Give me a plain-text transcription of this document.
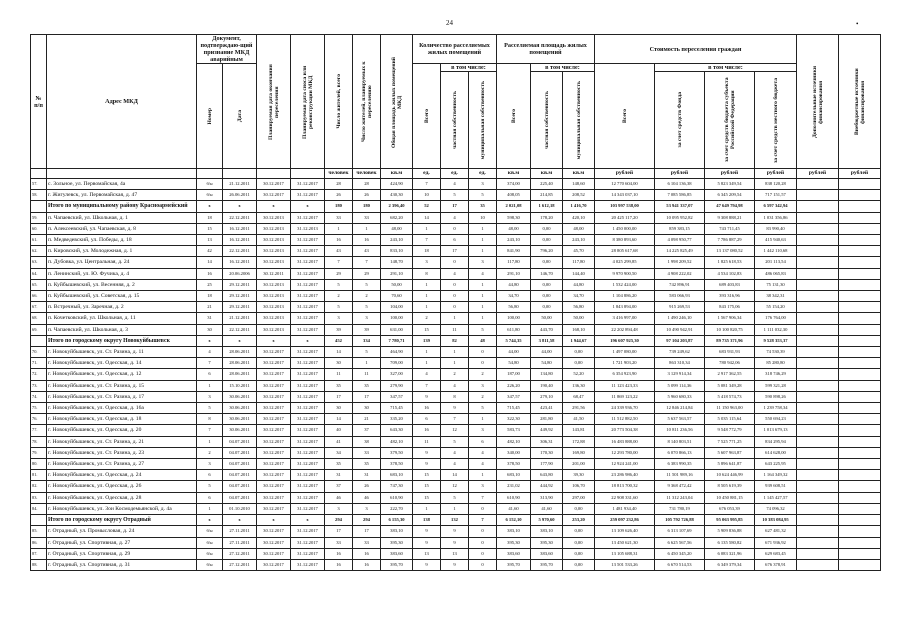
24	•
№ п/п	Адрес МКД	Документ, подтверждаю-щий признание МКД аварийным		Планируемая дата окончания переселения	Планируемая дата сноса или реконструкции МКД	Число жителей, всего	Число жителей, планируемых к переселению	Общая площадь жилых помещений МКД	Количество расселяемых жилых помещений			Расселяемая площадь жилых помещений			Стоимость переселения граждан				Дополнительные источники финансирования	Внебюджетные источники финансирования

		Номер	Дата						Всего	в том числе:		Всего	в том числе:		Всего	в том числе:				

										частная собственность	муниципальная собственность		частная собственность	муниципальная собственность		за счет средств Фонда	за счет средств бюджета субъекта Российской Федерации	за счет средств местного бюджета		

						человек	человек	кв.м	ед.	ед.	ед.	кв.м	кв.м	кв.м	рублей	рублей	рублей	рублей	рублей	рублей
57.	с. Зольное, ул. Первомайская, 4а	б/н	21.12.2011	30.12.2017	31.12.2017	28	28	424,90	7	4	3	374,00	225,40	148,60	12 770 604,00	6 104 136,38	5 823 349,54	838 120,28		
58.	г. Жигулевск, ул. Первомайская, д. 47	б/н	26.06.2011	30.12.2017	31.12.2017	26	26	430,30	10	5	5	408,05	214,85	208,52	14 343 037,10	7 085 586,85	6 345 209,54	717 151,57		
	Итого по муниципальному району Красноармейский	x	x	x	x	180	180	2 396,40	52	17	35	2 021,08	1 612,18	1 416,70	103 997 538,00	53 941 337,07	47 649 794,98	6 597 342,94		
59.	п. Чапаевский, ул. Школьная, д. 1	18	22.12.2011	30.12.2013	31.12.2017	33	33	682,20	14	4	10	598,30	178,20	420,10	20 425 117,20	10 095 952,82	9 308 888,21	1 031 356,86		
60.	п. Алексеевский, ул. Чапаевская, д. 8	15	16.12.2011	30.12.2013	31.12.2013	1	1	48,00	1	0	1	48,00	0,00	48,00	1 450 000,00	859 383,15	743 711,45	83 990,40		
61.	п. Медведевский, ул. Победы, д. 18	13	16.12.2011	30.12.2013	31.12.2017	16	16	243,10	7	6	1	243,10	0,00	243,10	8 380 893,60	4 098 950,77	7 786 887,29	415 940,63		
62.	п. Кировский, ул. Молодежная, д. 1	42	22.12.2011	30.12.2013	31.12.2017	43	43	833,10	18	17	1	841,90	796,20	45,70	28 805 617,68	14 225 825,49	13 137 080,52	1 442 110,68		
63.	п. Дубовка, ул. Центральная, д. 24	14	16.12.2011	30.12.2013	31.12.2017	7	7	148,70	3	0	3	117,80	0,00	117,80	4 025 299,85	1 998 209,52	1 825 618,53	201 113,54		
64.	п. Ленинский, ул. Ю. Фучика, д. 4	16	20.06.2006	30.12.2011	31.12.2017	29	29	291,10	8	4	4	291,10	146,70	144,40	9 970 900,50	4 908 222,02	4 534 102,83	486 065,83		
65.	п. Куйбышевский, ул. Весенняя, д. 2	25	29.12.2011	30.12.2013	31.12.2017	5	5	50,00	1	0	1	44,80	0,00	44,80	1 532 424,00	742 896,91	689 403,83	75 131,30		
66.	п. Куйбышевский, ул. Советская, д. 15	18	29.12.2011	30.12.2013	31.12.2017	2	2	70,60	1	0	1	34,70	0,00	34,70	1 104 886,20	583 066,93	393 316,96	38 342,31		
67.	п. Встречный, ул. Заречная, д. 2	21	29.12.2011	30.12.2013	31.12.2017	5	5	104,00	1	0	1	56,80	0,00	56,80	1 843 894,00	915 269,53	843 175,06	55 154,20		
68.	п. Кочетковский, ул. Школьная, д. 11	31	21.12.2011	30.12.2013	31.12.2017	3	3	100,00	2	1	1	100,00	50,00	50,00	3 416 997,00	1 490 246,10	1 567 906,34	176 764,00		
69.	п. Чапаевский, ул. Школьная, д. 3	30	22.12.2011	30.12.2013	31.12.2017	39	39	631,00	15	11	5	611,80	443,70	168,10	22 202 894,48	10 490 942,91	10 100 820,75	1 111 032,30		
	Итого по городскому округу Новокуйбышевск	x	x	x	x	452	334	7 780,71	139	82	48	5 744,35	3 811,58	1 944,67	196 607 925,30	97 104 203,87	89 735 371,96	9 528 353,37		
70.	г. Новокуйбышевск, ул. Ст. Разина, д. 11	4	28.06.2011	30.12.2017	31.12.2017	14	5	464,90	1	1	0	44,00	44,00	0,00	1 497 080,00	739 249,62	683 931,93	74 530,39		
71.	г. Новокуйбышевск, ул. Одесская, д. 14	7	28.06.2011	30.12.2017	31.12.2017	30	1	709,00	1	1	0	54,80	54,80	0,00	1 721 903,20	863 310,34	780 942,06	85 280,80		
72.	г. Новокуйбышевск, ул. Одесская, д. 12	6	28.06.2011	30.12.2017	31.12.2017	11	11	327,00	4	2	2	187,00	134,80	52,20	6 354 923,90	3 129 914,34	2 917 362,55	318 746,29		
73.	г. Новокуйбышевск, ул. Ст. Разина, д. 15	1	15.10.2011	30.12.2017	31.12.2017	35	35	279,90	7	4	3	226,20	190,40	136,30	11 123 423,33	5 099 114,36	5 081 349,28	599 321,28		
74.	г. Новокуйбышевск, ул. Ст. Разина, д. 17	3	30.06.2011	30.12.2017	31.12.2017	17	17	347,57	9	8	2	347,57	279,10	68,47	11 869 123,22	5 960 680,33	5 418 574,73	590 898,26		
75.	г. Новокуйбышевск, ул. Одесская, д. 16а	5	30.06.2011	30.12.2017	31.12.2017	30	30	715,45	16	9	5	715,45	423,41	291,56	24 339 936,70	12 846 214,84	11 150 963,00	1 239 758,34		
76.	г. Новокуйбышевск, ул. Одесская, д. 18	8	30.06.2011	30.12.2017	31.12.2017	14	21	335,20	6	7	1	322,30	281,80	41,50	11 512 882,50	5 637 563,57	5 035 115,64	550 694,23		
77.	г. Новокуйбышевск, ул. Одесская, д. 20	7	30.06.2011	30.12.2017	31.12.2017	40	37	643,30	16	12	3	583,73	449,92	143,81	20 773 504,38	10 811 236,56	9 548 772,79	1 013 679,13		
78.	г. Новокуйбышевск, ул. Ст. Разина, д. 21	1	04.07.2011	30.12.2017	31.12.2017	41	38	482,10	11	5	6	482,10	306,31	172,88	16 483 888,00	8 140 803,51	7 525 771,25	834 295,94		
79.	г. Новокуйбышевск, ул. Ст. Разина, д. 23	2	04.07.2011	30.12.2017	31.12.2017	34	33	379,50	9	4	4	340,00	170,30	169,80	12 293 780,00	6 070 866,13	5 607 963,87	614 628,00		
80.	г. Новокуйбышевск, ул. Ст. Разина, д. 27	3	04.07.2011	30.12.2017	31.12.2017	35	35	378,50	9	4	4	378,50	177,90	201,00	12 924 241,00	6 383 990,35	5 896 641,87	643 225,95		
81.	г. Новокуйбышевск, ул. Одесская, д. 24	6	04.07.2011	30.12.2017	31.12.2017	31	31	683,10	15	14	1	683,10	643,80	39,30	23 286 986,40	11 501 989,16	10 624 446,99	1 164 349,32		
82.	г. Новокуйбышевск, ул. Одесская, д. 26	5	04.07.2011	30.12.2017	31.12.2017	37	26	747,30	15	12	3	231,02	444,92	106,70	18 813 700,32	9 368 472,42	8 505 619,39	939 608,51		
83.	г. Новокуйбышевск, ул. Одесская, д. 28	6	04.07.2011	30.12.2017	31.12.2017	46	46	610,90	15	5	7	610,90	313,90	297,00	22 908 331,60	11 312 243,04	10 450 881,15	1 145 427,57		
84.	г. Новокуйбышевск, ул. Зои Космодемьянской, д. 4а	1	01.10.2010	30.12.2017	31.12.2017	3	3	222,70	1	1	0	41,60	41,60	0,00	1 481 934,40	731 780,19	676 053,39	74 096,32		
	Итого по городскому округу Отрадный	x	x	x	x	294	294	6 155,30	138	132	7	6 152,10	5 970,60	253,20	259 097 232,86	105 792 726,88	95 063 995,85	10 383 084,95		
85.	г. Отрадный, ул. Промысловая, д. 24	б/н	27.11.2011	30.12.2017	31.12.2017	17	17	383,10	9	9	0	383,10	383,10	0,00	13 109 626,40	6 313 107,69	5 909 836,88	627 481,32		
86.	г. Отрадный, ул. Спортивная, д. 27	б/н	27.11.2011	30.12.2017	31.12.2017	33	33	395,30	9	9	0	395,30	395,30	0,00	13 450 621,30	6 625 567,56	6 135 580,82	671 936,92		
87.	г. Отрадный, ул. Спортивная, д. 29	б/н	27.12.2011	30.12.2017	31.12.2017	16	16	383,60	13	13	0	383,60	383,60	0,00	13 105 688,31	6 450 345,20	6 083 321,96	629 683,45		
88.	г. Отрадный, ул. Спортивная, д. 31	б/н	27.12.2011	30.12.2017	31.12.2017	16	16	395,70	9	9	0	395,70	395,70	0,00	13 501 533,26	6 670 514,53	6 349 379,34	676 378,91		
